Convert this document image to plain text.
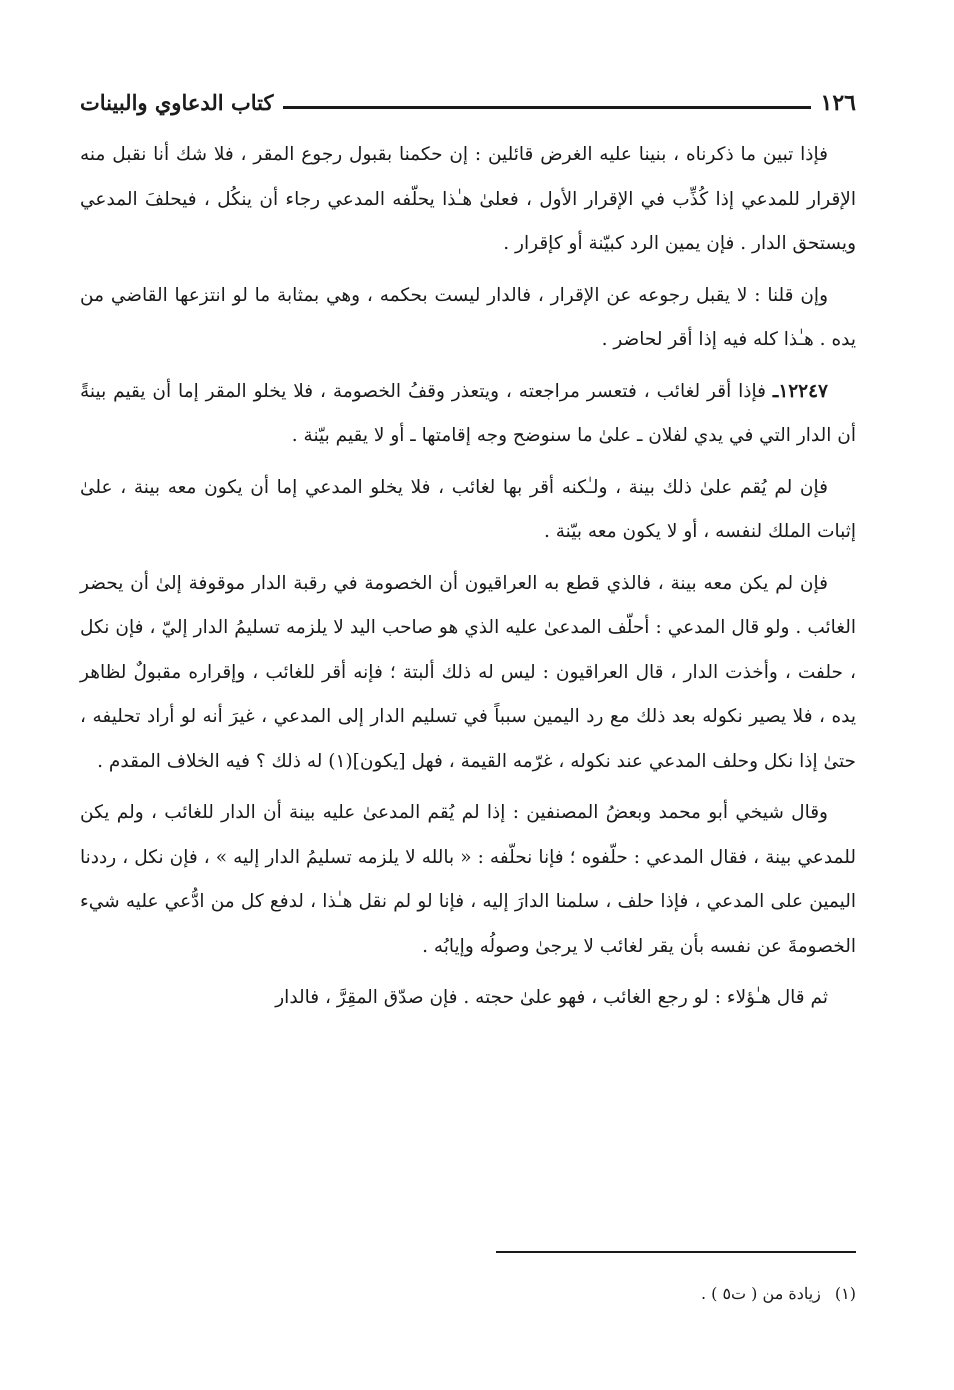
١٢٦
كتاب الدعاوي والبينات

فإذا تبين ما ذكرناه ، بنينا عليه الغرض قائلين : إن حكمنا بقبول رجوع المقر ، فلا شك أنا نقبل منه الإقرار للمدعي إذا كُذِّب في الإقرار الأول ، فعلىٰ هـٰذا يحلّفه المدعي رجاء أن ينكُل ، فيحلفَ المدعي ويستحق الدار . فإن يمين الرد كبيّنة أو كإقرار .

وإن قلنا : لا يقبل رجوعه عن الإقرار ، فالدار ليست بحكمه ، وهي بمثابة ما لو انتزعها القاضي من يده . هـٰذا كله فيه إذا أقر لحاضر .

١٢٢٤٧ـ فإذا أقر لغائب ، فتعسر مراجعته ، ويتعذر وقفُ الخصومة ، فلا يخلو المقر إما أن يقيم بينةً أن الدار التي في يدي لفلان ـ علىٰ ما سنوضح وجه إقامتها ـ أو لا يقيم بيّنة .

فإن لم يُقم علىٰ ذلك بينة ، ولـٰكنه أقر بها لغائب ، فلا يخلو المدعي إما أن يكون معه بينة ، علىٰ إثبات الملك لنفسه ، أو لا يكون معه بيّنة .

فإن لم يكن معه بينة ، فالذي قطع به العراقيون أن الخصومة في رقبة الدار موقوفة إلىٰ أن يحضر الغائب . ولو قال المدعي : أحلّف المدعىٰ عليه الذي هو صاحب اليد لا يلزمه تسليمُ الدار إليّ ، فإن نكل ، حلفت ، وأخذت الدار ، قال العراقيون : ليس له ذلك ألبتة ؛ فإنه أقر للغائب ، وإقراره مقبولٌ لظاهر يده ، فلا يصير نكوله بعد ذلك مع رد اليمين سبباً في تسليم الدار إلى المدعي ، غيرَ أنه لو أراد تحليفه ، حتىٰ إذا نكل وحلف المدعي عند نكوله ، غرّمه القيمة ، فهل [يكون](١) له ذلك ؟ فيه الخلاف المقدم .

وقال شيخي أبو محمد وبعضُ المصنفين : إذا لم يُقم المدعىٰ عليه بينة أن الدار للغائب ، ولم يكن للمدعي بينة ، فقال المدعي : حلّفوه ؛ فإنا نحلّفه : « بالله لا يلزمه تسليمُ الدار إليه » ، فإن نكل ، رددنا اليمين على المدعي ، فإذا حلف ، سلمنا الدارَ إليه ، فإنا لو لم نقل هـٰذا ، لدفع كل من ادُّعي عليه شيء الخصومةَ عن نفسه بأن يقر لغائب لا يرجىٰ وصولُه وإيابُه .

ثم قال هـٰؤلاء : لو رجع الغائب ، فهو علىٰ حجته . فإن صدّق المقِرَّ ، فالدار

(١)زيادة من ( ت٥ ) .
